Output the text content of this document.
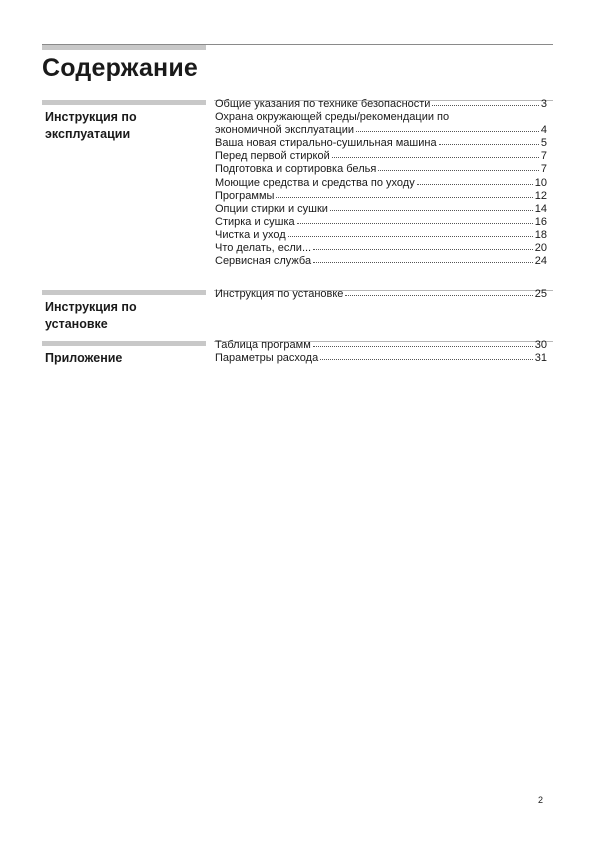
Содержание
Инструкция по
эксплуатации
Общие указания по технике безопасности	3
Охрана окружающей среды/рекомендации по
экономичной эксплуатации	4
Ваша новая стирально-сушильная машина	5
Перед первой стиркой	7
Подготовка и сортировка белья	7
Моющие средства и средства по уходу	10
Программы	12
Опции стирки и сушки	14
Стирка и сушка	16
Чистка и уход	18
Что делать, если...	20
Сервисная служба	24
Инструкция по
установке
Инструкция по установке	25
Приложение
Таблица программ	30
Параметры расхода	31
2
